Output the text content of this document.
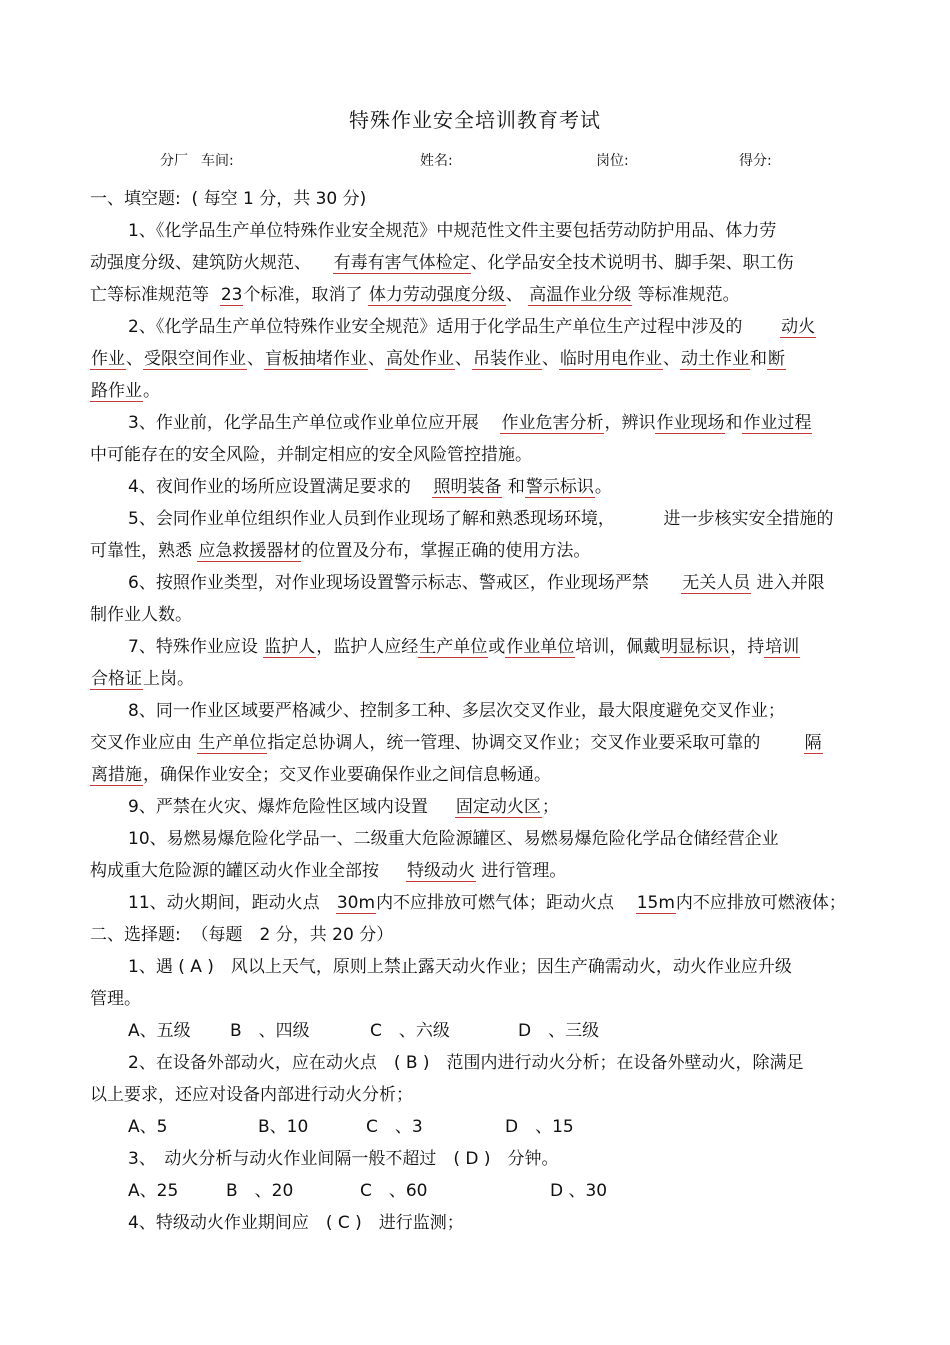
特殊作业安全培训教育考试
分厂 车间:	姓名:	岗位:	得分:
一、填空题: ( 每空 1 分，共 30 分)
1、《化学品生产单位特殊作业安全规范》中规范性文件主要包括劳动防护用品、体力劳
动强度分级、建筑防火规范、 有毒有害气体检定、化学品安全技术说明书、脚手架、职工伤
亡等标准规范等 23个标准，取消了 体力劳动强度分级、 高温作业分级 等标准规范。
2、《化学品生产单位特殊作业安全规范》适用于化学品生产单位生产过程中涉及的 动火
作业、受限空间作业、盲板抽堵作业、高处作业、吊装作业、临时用电作业、动土作业和断
路作业。
3、作业前，化学品生产单位或作业单位应开展 作业危害分析，辨识作业现场和作业过程
中可能存在的安全风险，并制定相应的安全风险管控措施。
4、夜间作业的场所应设置满足要求的 照明装备 和警示标识。
5、会同作业单位组织作业人员到作业现场了解和熟悉现场环境，	进一步核实安全措施的
可靠性，熟悉 应急救援器材的位置及分布，掌握正确的使用方法。
6、按照作业类型，对作业现场设置警示标志、警戒区，作业现场严禁 无关人员 进入并限
制作业人数。
7、特殊作业应设 监护人，监护人应经生产单位或作业单位培训，佩戴明显标识，持培训
合格证上岗。
8、同一作业区域要严格减少、控制多工种、多层次交叉作业，最大限度避免交叉作业；
交叉作业应由 生产单位指定总协调人，统一管理、协调交叉作业；交叉作业要采取可靠的	隔
离措施，确保作业安全；交叉作业要确保作业之间信息畅通。
9、严禁在火灾、爆炸危险性区域内设置 固定动火区；
10、易燃易爆危险化学品一、二级重大危险源罐区、易燃易爆危险化学品仓储经营企业
构成重大危险源的罐区动火作业全部按 特级动火 进行管理。
11、动火期间，距动火点 30m内不应排放可燃气体；距动火点 15m内不应排放可燃液体；
二、选择题: （每题　2 分，共 20 分）
1、遇 ( A )　风以上天气，原则上禁止露天动火作业；因生产确需动火，动火作业应升级
管理。
A、五级 B　、四级	C　、六级	D　、三级
2、在设备外部动火，应在动火点　( B )　范围内进行动火分析；在设备外壁动火，除满足
以上要求，还应对设备内部进行动火分析；
A、5	B、10	C　、3	D　、15
3、　动火分析与动火作业间隔一般不超过　( D )　分钟。
A、25	B　、20	C　、60	D 、30
4、特级动火作业期间应　( C )　进行监测；
